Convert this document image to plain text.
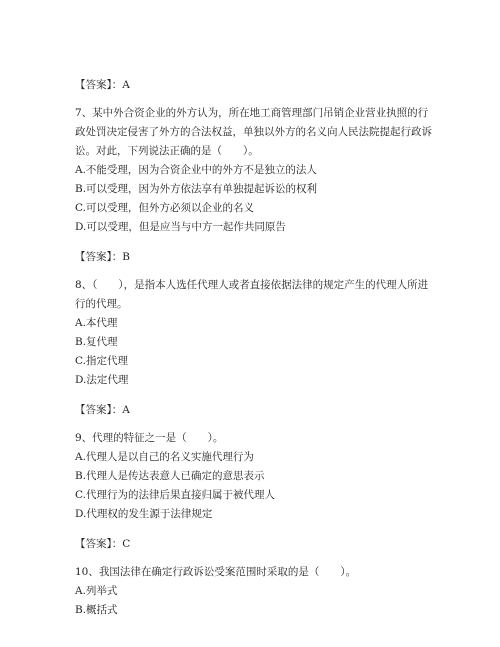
【答案】：A

7、某中外合资企业的外方认为，所在地工商管理部门吊销企业营业执照的行政处罚决定侵害了外方的合法权益，单独以外方的名义向人民法院提起行政诉讼。对此，下列说法正确的是（　　）。

A.不能受理，因为合资企业中的外方不是独立的法人

B.可以受理，因为外方依法享有单独提起诉讼的权利

C.可以受理，但外方必须以企业的名义

D.可以受理，但是应当与中方一起作共同原告

【答案】：B

8、（　　），是指本人选任代理人或者直接依据法律的规定产生的代理人所进行的代理。

A.本代理

B.复代理

C.指定代理

D.法定代理

【答案】：A

9、代理的特征之一是（　　）。

A.代理人是以自己的名义实施代理行为

B.代理人是传达表意人已确定的意思表示

C.代理行为的法律后果直接归属于被代理人

D.代理权的发生源于法律规定

【答案】：C

10、我国法律在确定行政诉讼受案范围时采取的是（　　）。

A.列举式

B.概括式
